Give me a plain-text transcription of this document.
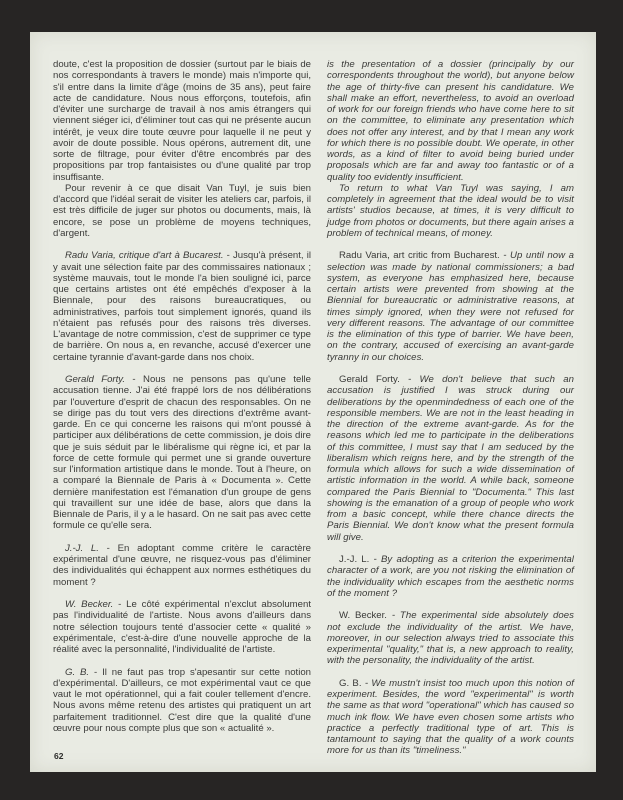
doute, c'est la proposition de dossier (surtout par le biais de nos correspondants à travers le monde) mais n'importe qui, s'il entre dans la limite d'âge (moins de 35 ans), peut faire acte de candidature. Nous nous efforçons, toutefois, afin d'éviter une surcharge de travail à nos amis étrangers qui viennent siéger ici, d'éliminer tout cas qui ne présente aucun intérêt, je veux dire toute œuvre pour laquelle il ne peut y avoir de doute possible. Nous opérons, autrement dit, une sorte de filtrage, pour éviter d'être encombrés par des propositions par trop fantaisistes ou d'une qualité par trop insuffisante.

Pour revenir à ce que disait Van Tuyl, je suis bien d'accord que l'idéal serait de visiter les ateliers car, parfois, il est très difficile de juger sur photos ou documents, mais, là encore, se pose un problème de moyens techniques, d'argent.

Radu Varia, critique d'art à Bucarest. - Jusqu'à présent, il y avait une sélection faite par des commissaires nationaux ; système mauvais, tout le monde l'a bien souligné ici, parce que certains artistes ont été empêchés d'exposer à la Biennale, pour des raisons bureaucratiques, ou administratives, parfois tout simplement ignorés, quand ils n'étaient pas refusés pour des raisons très diverses. L'avantage de notre commission, c'est de supprimer ce type de barrière. On nous a, en revanche, accusé d'exercer une certaine tyrannie d'avant-garde dans nos choix.

Gerald Forty. - Nous ne pensons pas qu'une telle accusation tienne. J'ai été frappé lors de nos délibérations par l'ouverture d'esprit de chacun des responsables. On ne se dirige pas du tout vers des directions d'extrême avant-garde. En ce qui concerne les raisons qui m'ont poussé à participer aux délibérations de cette commission, je dois dire que je suis séduit par le libéralisme qui règne ici, et par la force de cette formule qui permet une si grande ouverture sur l'information artistique dans le monde. Tout à l'heure, on a comparé la Biennale de Paris à « Documenta ». Cette dernière manifestation est l'émanation d'un groupe de gens qui travaillent sur une idée de base, alors que dans la Biennale de Paris, il y a le hasard. On ne sait pas avec cette formule ce qu'elle sera.

J.-J. L. - En adoptant comme critère le caractère expérimental d'une œuvre, ne risquez-vous pas d'éliminer des individualités qui échappent aux normes esthétiques du moment ?

W. Becker. - Le côté expérimental n'exclut absolument pas l'individualité de l'artiste. Nous avons d'ailleurs dans notre sélection toujours tenté d'associer cette « qualité » expérimentale, c'est-à-dire d'une nouvelle approche de la réalité avec la personnalité, l'individualité de l'artiste.

G. B. - Il ne faut pas trop s'apesantir sur cette notion d'expérimental. D'ailleurs, ce mot expérimental vaut ce que vaut le mot opérationnel, qui a fait couler tellement d'encre. Nous avons même retenu des artistes qui pratiquent un art parfaitement traditionnel. C'est dire que la qualité d'une œuvre pour nous compte plus que son « actualité ».

is the presentation of a dossier (principally by our correspondents throughout the world), but anyone below the age of thirty-five can present his candidature. We shall make an effort, nevertheless, to avoid an overload of work for our foreign friends who have come here to sit on the committee, to eliminate any presentation which does not offer any interest, and by that I mean any work for which there is no possible doubt. We operate, in other words, as a kind of filter to avoid being buried under proposals which are far and away too fantastic or of a quality too evidently insufficient.

To return to what Van Tuyl was saying, I am completely in agreement that the ideal would be to visit artists' studios because, at times, it is very difficult to judge from photos or documents, but there again arises a problem of technical means, of money.

Radu Varia, art critic from Bucharest. - Up until now a selection was made by national commissioners; a bad system, as everyone has emphasized here, because certain artists were prevented from showing at the Biennial for bureaucratic or administrative reasons, at times simply ignored, when they were not refused for very different reasons. The advantage of our committee is the elimination of this type of barrier. We have been, on the contrary, accused of exercising an avant-garde tyranny in our choices.

Gerald Forty. - We don't believe that such an accusation is justified I was struck during our deliberations by the openmindedness of each one of the responsible members. We are not in the least heading in the direction of the extreme avant-garde. As for the reasons which led me to participate in the deliberations of this committee, I must say that I am seduced by the liberalism which reigns here, and by the strength of the formula which allows for such a wide dissemination of artistic information in the world. A while back, someone compared the Paris Biennial to "Documenta." This last showing is the emanation of a group of people who work from a basic concept, while there chance directs the Paris Biennial. We don't know what the present formula will give.

J.-J. L. - By adopting as a criterion the experimental character of a work, are you not risking the elimination of the individuality which escapes from the aesthetic norms of the moment ?

W. Becker. - The experimental side absolutely does not exclude the individuality of the artist. We have, moreover, in our selection always tried to associate this experimental "quality," that is, a new approach to reality, with the personality, the individuality of the artist.

G. B. - We mustn't insist too much upon this notion of experiment. Besides, the word "experimental" is worth the same as that word "operational" which has caused so much ink flow. We have even chosen some artists who practice a perfectly traditional type of art. This is tantamount to saying that the quality of a work counts more for us than its "timeliness."

62
